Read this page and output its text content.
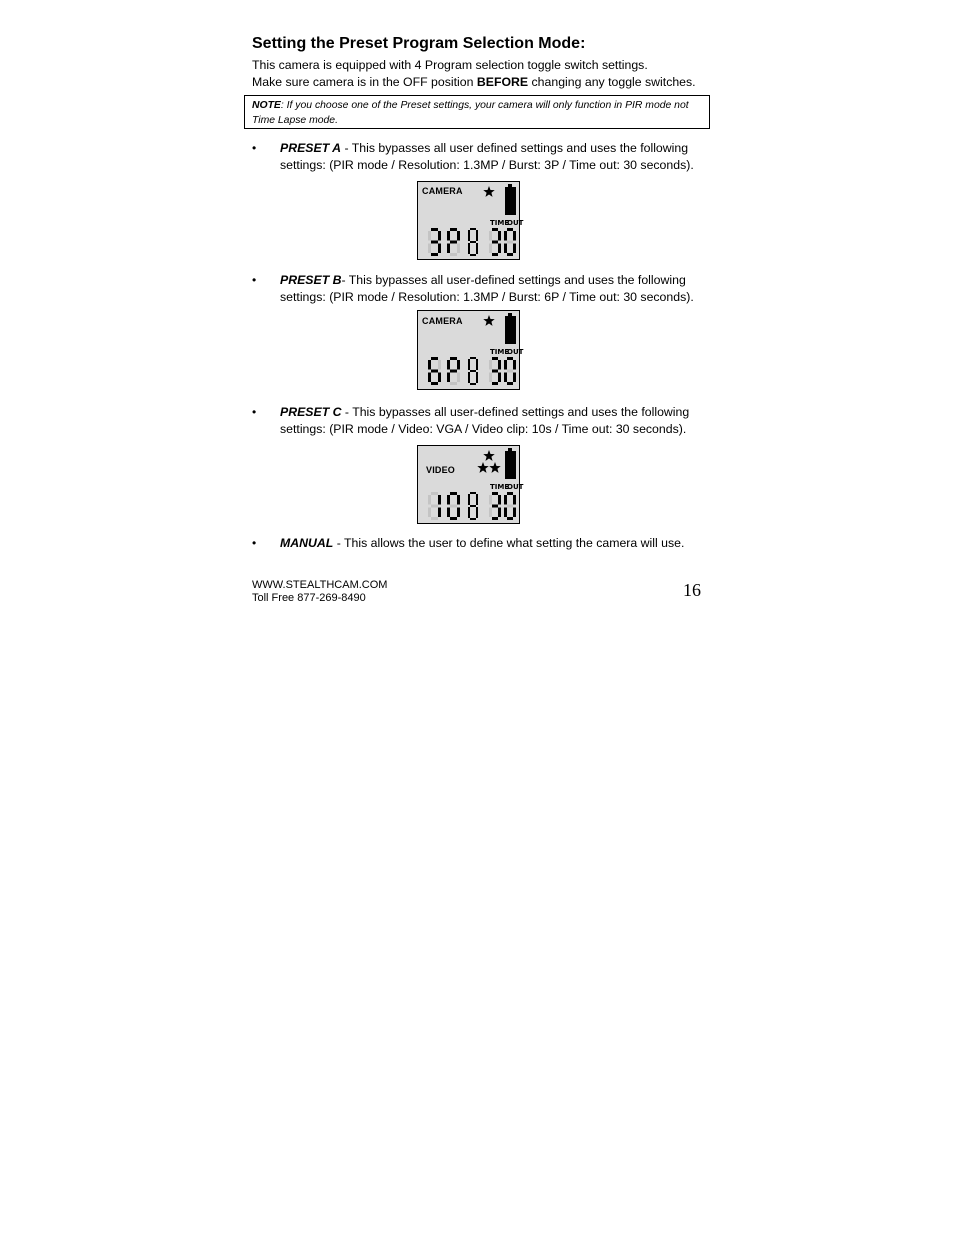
Setting the Preset Program Selection Mode:

This camera is equipped with 4 Program selection toggle switch settings.

Make sure camera is in the OFF position BEFORE changing any toggle switches.

NOTE: If you choose one of the Preset settings, your camera will only function in PIR mode not Time Lapse mode.
• PRESET A - This bypasses all user defined settings and uses the following settings: (PIR mode / Resolution: 1.3MP / Burst: 3P / Time out: 30 seconds).
CAMERA
TIME
OUT
• PRESET B- This bypasses all user-defined settings and uses the following settings: (PIR mode / Resolution: 1.3MP / Burst: 6P / Time out: 30 seconds).
CAMERA
TIME
OUT
• PRESET C - This bypasses all user-defined settings and uses the following settings: (PIR mode / Video: VGA / Video clip: 10s / Time out: 30 seconds).
VIDEO
TIME
OUT
• MANUAL - This allows the user to define what setting the camera will use.
WWW.STEALTHCAM.COM
Toll Free 877-269-8490	16
